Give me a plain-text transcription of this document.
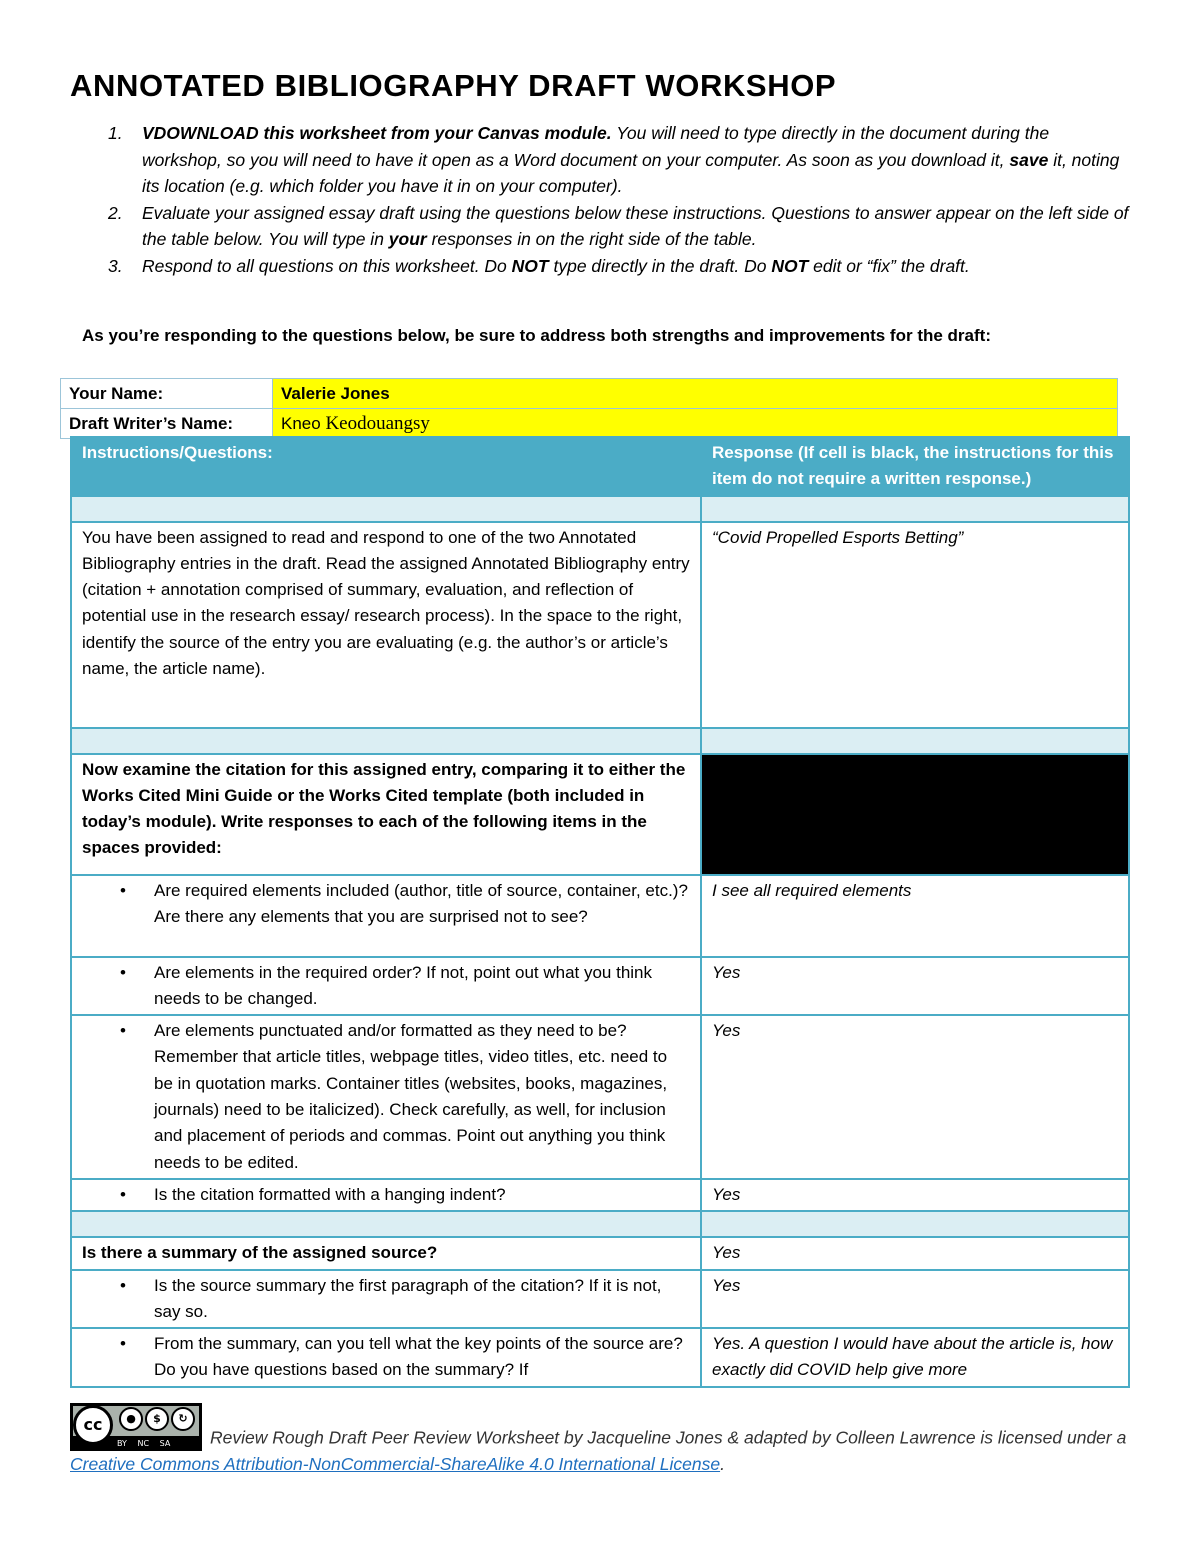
ANNOTATED BIBLIOGRAPHY DRAFT WORKSHOP
1. VDOWNLOAD this worksheet from your Canvas module. You will need to type directly in the document during the workshop, so you will need to have it open as a Word document on your computer. As soon as you download it, save it, noting its location (e.g. which folder you have it in on your computer).
2. Evaluate your assigned essay draft using the questions below these instructions. Questions to answer appear on the left side of the table below. You will type in your responses in on the right side of the table.
3. Respond to all questions on this worksheet. Do NOT type directly in the draft. Do NOT edit or “fix” the draft.
As you’re responding to the questions below, be sure to address both strengths and improvements for the draft:
Your Name:	Valerie Jones
Draft Writer’s Name:	Kneo Keodouangsy
Instructions/Questions:	Response (If cell is black, the instructions for this item do not require a written response.)

You have been assigned to read and respond to one of the two Annotated Bibliography entries in the draft. Read the assigned Annotated Bibliography entry (citation + annotation comprised of summary, evaluation, and reflection of potential use in the research essay/ research process). In the space to the right, identify the source of the entry you are evaluating (e.g. the author’s or article’s name, the article name).	“Covid Propelled Esports Betting”

Now examine the citation for this assigned entry, comparing it to either the Works Cited Mini Guide or the Works Cited template (both included in today’s module). Write responses to each of the following items in the spaces provided:	

• Are required elements included (author, title of source, container, etc.)? Are there any elements that you are surprised not to see?	I see all required elements

• Are elements in the required order? If not, point out what you think needs to be changed.	Yes

• Are elements punctuated and/or formatted as they need to be? Remember that article titles, webpage titles, video titles, etc. need to be in quotation marks. Container titles (websites, books, magazines, journals) need to be italicized). Check carefully, as well, for inclusion and placement of periods and commas. Point out anything you think needs to be edited.	Yes

• Is the citation formatted with a hanging indent?	Yes

Is there a summary of the assigned source?	Yes

• Is the source summary the first paragraph of the citation? If it is not, say so.	Yes

• From the summary, can you tell what the key points of the source are? Do you have questions based on the summary? If	Yes. A question I would have about the article is, how exactly did COVID help give more
cc	●	$	↻
BY NC SA	Review Rough Draft Peer Review Worksheet by Jacqueline Jones & adapted by Colleen Lawrence is licensed under a Creative Commons Attribution-NonCommercial-ShareAlike 4.0 International License.
